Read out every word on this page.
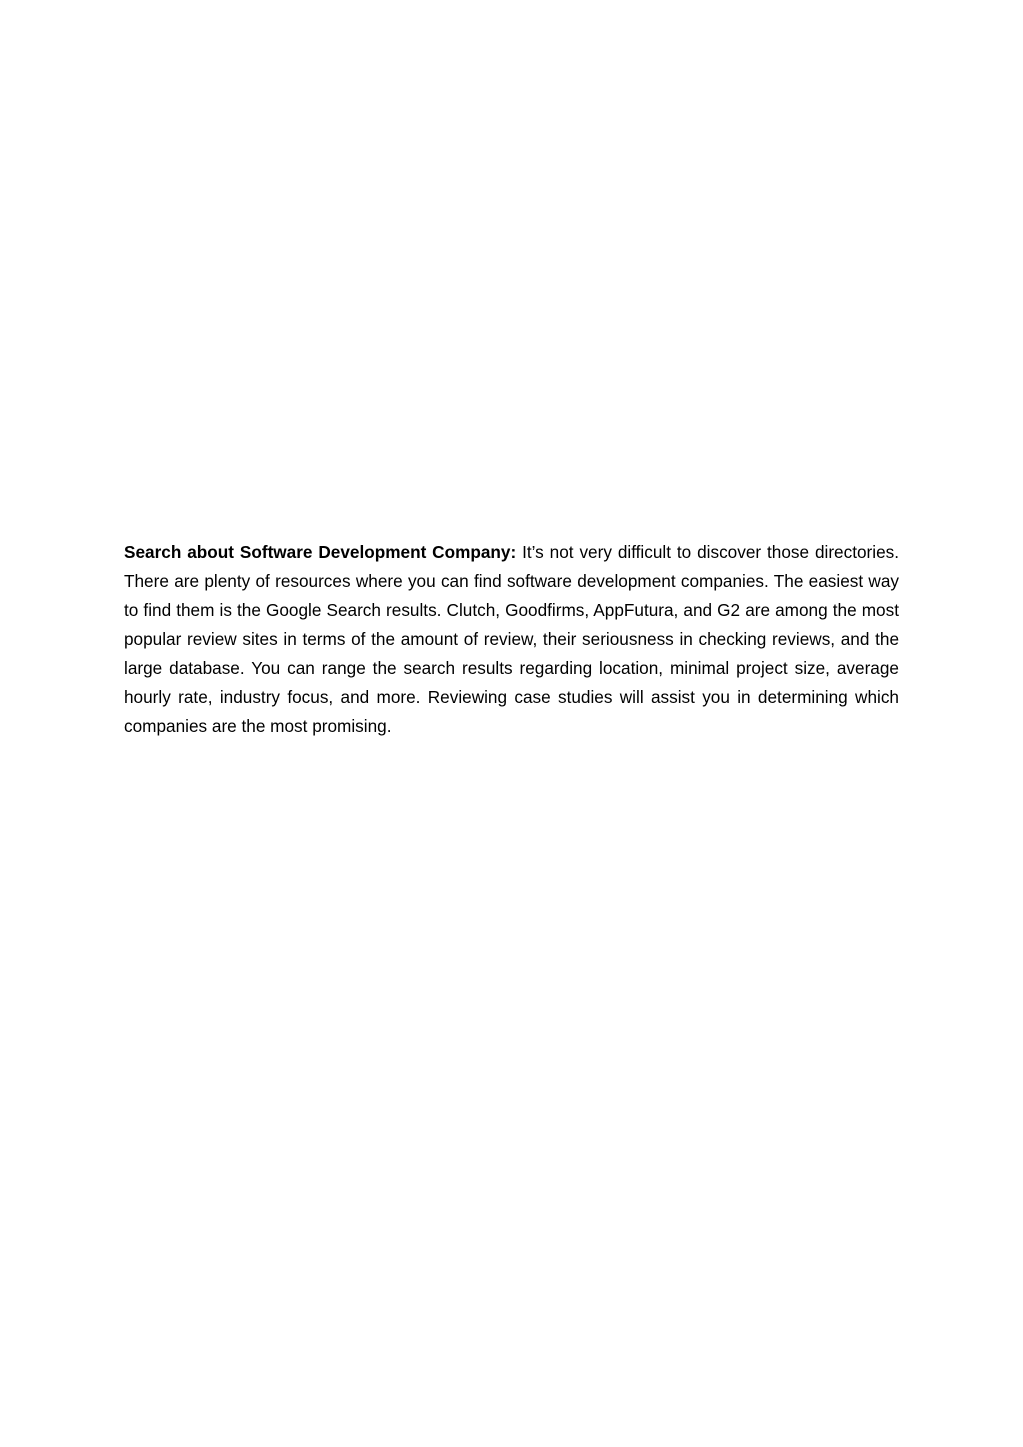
Search about Software Development Company: It’s not very difficult to discover those directories. There are plenty of resources where you can find software development companies. The easiest way to find them is the Google Search results. Clutch, Goodfirms, AppFutura, and G2 are among the most popular review sites in terms of the amount of review, their seriousness in checking reviews, and the large database. You can range the search results regarding location, minimal project size, average hourly rate, industry focus, and more. Reviewing case studies will assist you in determining which companies are the most promising.
